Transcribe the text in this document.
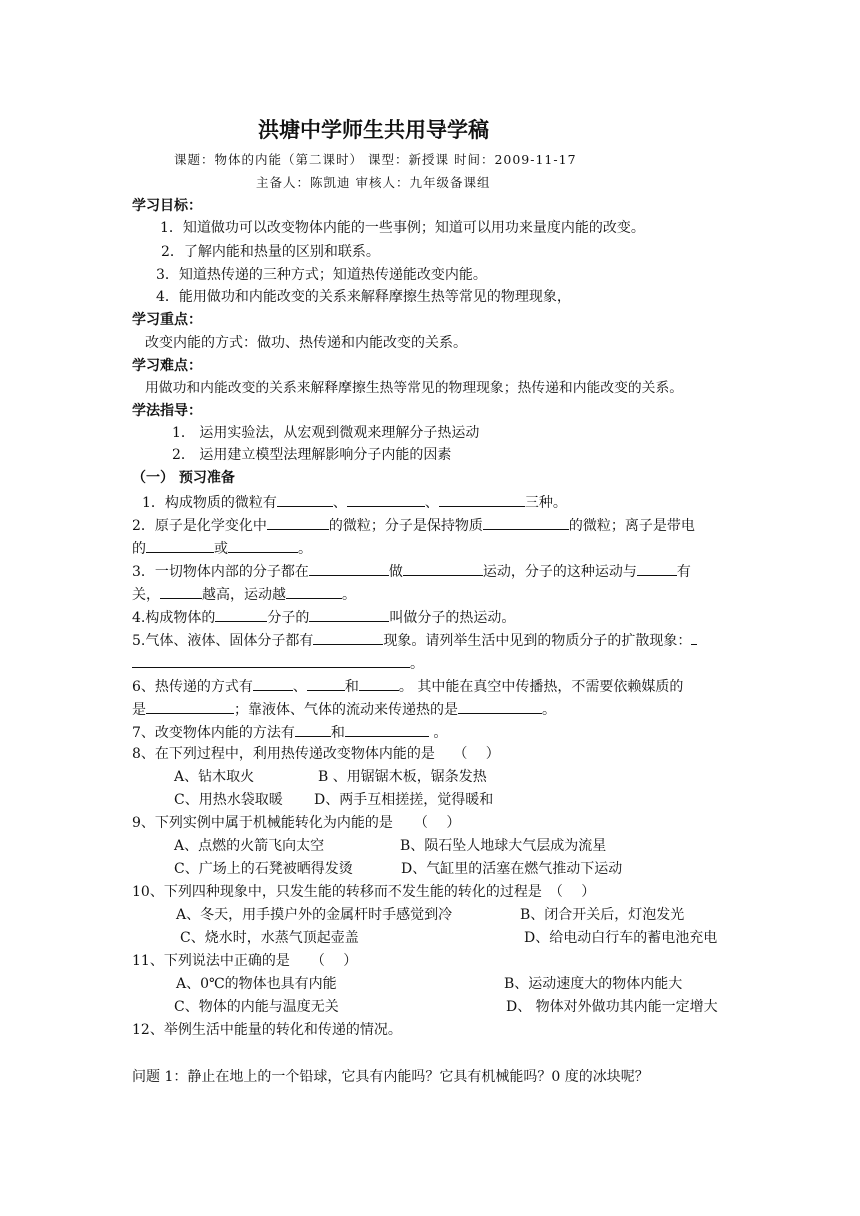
洪塘中学师生共用导学稿
课题：物体的内能（第二课时） 课型：新授课 时间：2009-11-17
主备人：陈凯迪 审核人：九年级备课组
学习目标：
1．知道做功可以改变物体内能的一些事例；知道可以用功来量度内能的改变。
2．了解内能和热量的区别和联系。
3．知道热传递的三种方式；知道热传递能改变内能。
4．能用做功和内能改变的关系来解释摩擦生热等常见的物理现象，
学习重点：
改变内能的方式：做功、热传递和内能改变的关系。
学习难点：
用做功和内能改变的关系来解释摩擦生热等常见的物理现象；热传递和内能改变的关系。
学法指导：
1． 运用实验法，从宏观到微观来理解分子热运动
2． 运用建立模型法理解影响分子内能的因素
（一） 预习准备
1．构成物质的微粒有	、	、	三种。
2．原子是化学变化中	的微粒；分子是保持物质	的微粒；离子是带电
的	或	。
3．一切物体内部的分子都在	做	运动，分子的这种运动与	有
关，	越高，运动越	。
4.构成物体的	分子的	叫做分子的热运动。
5.气体、液体、固体分子都有	现象。请列举生活中见到的物质分子的扩散现象：
。
6、热传递的方式有	、	和	。 其中能在真空中传播热，不需要依赖媒质的
是	；靠液体、气体的流动来传递热的是	。
7、改变物体内能的方法有	和	。
8、在下列过程中，利用热传递改变物体内能的是　 （　 ）
A、钻木取火	B 、用锯锯木板，锯条发热
C、用热水袋取暖 D、两手互相搓搓，觉得暖和
9、下列实例中属于机械能转化为内能的是　　（　 ）
A、点燃的火箭飞向太空	B、陨石坠人地球大气层成为流星
C、广场上的石凳被晒得发烫	D、气缸里的活塞在燃气推动下运动
10、下列四种现象中，只发生能的转移而不发生能的转化的过程是　（　 ）
A、冬天，用手摸户外的金属杆时手感觉到冷	B、闭合开关后，灯泡发光
C、烧水时，水蒸气顶起壶盖	D、给电动白行车的蓄电池充电
11、下列说法中正确的是　　（　 ）
A、0℃的物体也具有内能	B、运动速度大的物体内能大
C、物体的内能与温度无关	D、 物体对外做功其内能一定增大
12、举例生活中能量的转化和传递的情况。
问题 1：静止在地上的一个铅球，它具有内能吗？它具有机械能吗？0 度的冰块呢？
